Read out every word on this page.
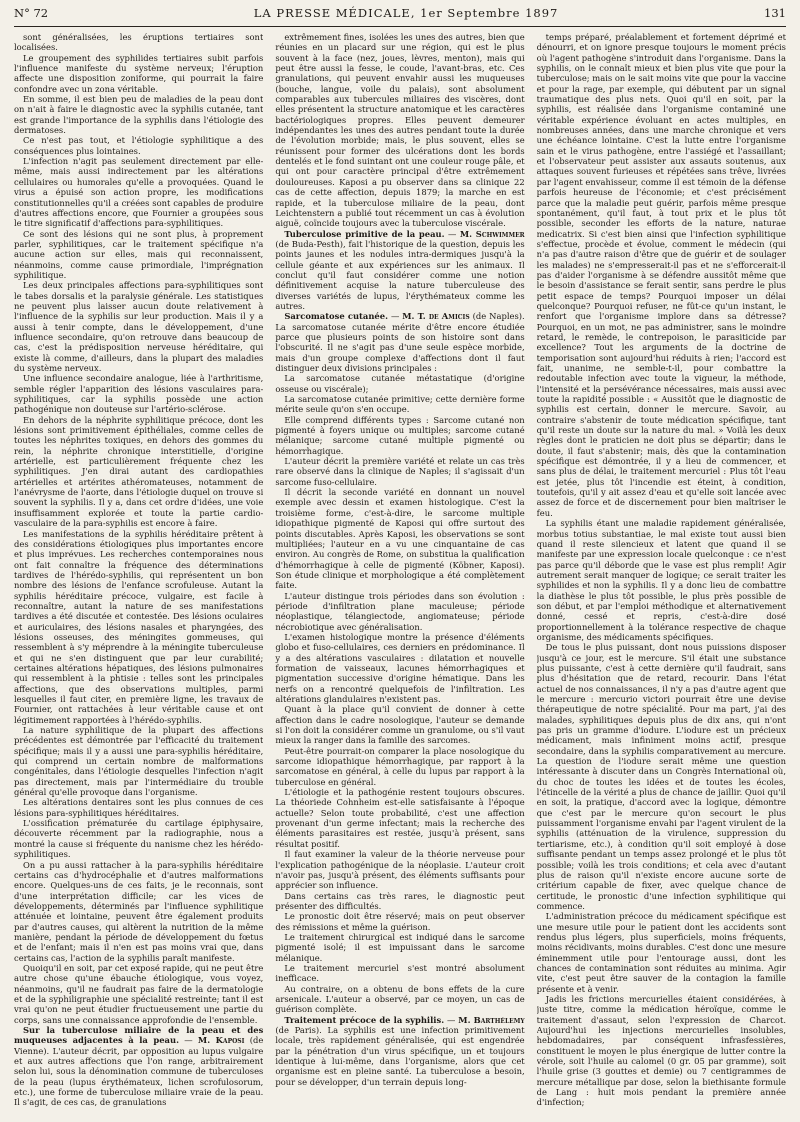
N° 72	LA PRESSE MÉDICALE, 1er Septembre 1897	131

sont généralisées, les éruptions tertiaires sont localisées.

Le groupement des syphilides tertiaires subit parfois l'influence manifeste du système nerveux; l'éruption affecte une disposition zoniforme, qui pourrait la faire confondre avec un zona véritable.

En somme, il est bien peu de maladies de la peau dont on n'ait à faire le diagnostic avec la syphilis cutanée, tant est grande l'importance de la syphilis dans l'étiologie des dermatoses.

Ce n'est pas tout, et l'étiologie syphilitique a des conséquences plus lointaines.

L'infection n'agit pas seulement directement par elle-même, mais aussi indirectement par les altérations cellulaires ou humorales qu'elle a provoquées. Quand le virus a épuisé son action propre, les modifications constitutionnelles qu'il a créées sont capables de produire d'autres affections encore, que Fournier a groupées sous le titre significatif d'affections para-syphilitiques.

Ce sont des lésions qui ne sont plus, à proprement parler, syphilitiques, car le traitement spécifique n'a aucune action sur elles, mais qui reconnaissent, néanmoins, comme cause primordiale, l'imprégnation syphilitique.

Les deux principales affections para-syphilitiques sont le tabes dorsalis et la paralysie générale. Les statistiques ne peuvent plus laisser aucun doute relativement à l'influence de la syphilis sur leur production. Mais il y a aussi à tenir compte, dans le développement, d'une influence secondaire, qu'on retrouve dans beaucoup de cas, c'est la prédisposition nerveuse héréditaire, qui existe là comme, d'ailleurs, dans la plupart des maladies du système nerveux.

Une influence secondaire analogue, liée à l'arthritisme, semble régler l'apparition des lésions vasculaires para-syphilitiques, car la syphilis possède une action pathogénique non douteuse sur l'artério-sclérose.

En dehors de la néphrite syphilitique précoce, dont les lésions sont primitivement épithéliales, comme celles de toutes les néphrites toxiques, en dehors des gommes du rein, la néphrite chronique interstitielle, d'origine artérielle, est particulièrement fréquente chez les syphilitiques. J'en dirai autant des cardiopathies artérielles et artérites athéromateuses, notamment de l'anévrysme de l'aorte, dans l'étiologie duquel on trouve si souvent la syphilis. Il y a, dans cet ordre d'idées, une voie insuffisamment explorée et toute la partie cardio-vasculaire de la para-syphilis est encore à faire.

Les manifestations de la syphilis héréditaire prêtent à des considérations étiologiques plus importantes encore et plus imprévues. Les recherches contemporaines nous ont fait connaître la fréquence des déterminations tardives de l'hérédo-syphilis, qui représentent un bon nombre des lésions de l'enfance scrofuleuse. Autant la syphilis héréditaire précoce, vulgaire, est facile à reconnaître, autant la nature de ses manifestations tardives a été discutée et contestée. Des lésions oculaires et auriculaires, des lésions nasales et pharyngées, des lésions osseuses, des méningites gommeuses, qui ressemblent à s'y méprendre à la méningite tuberculeuse et qui ne s'en distinguent que par leur curabilité; certaines altérations hépatiques, des lésions pulmonaires qui ressemblent à la phtisie : telles sont les principales affections, que des observations multiples, parmi lesquelles il faut citer, en première ligne, les travaux de Fournier, ont rattachées à leur véritable cause et ont légitimement rapportées à l'hérédo-syphilis.

La nature syphilitique de la plupart des affections précédentes est démontrée par l'efficacité du traitement spécifique; mais il y a aussi une para-syphilis héréditaire, qui comprend un certain nombre de malformations congénitales, dans l'étiologie desquelles l'infection n'agit pas directement, mais par l'intermédiaire du trouble général qu'elle provoque dans l'organisme.

Les altérations dentaires sont les plus connues de ces lésions para-syphilitiques héréditaires.

L'ossification prématurée du cartilage épiphysaire, découverte récemment par la radiographie, nous a montré la cause si fréquente du nanisme chez les hérédo-syphilitiques.

On a pu aussi rattacher à la para-syphilis héréditaire certains cas d'hydrocéphalie et d'autres malformations encore. Quelques-uns de ces faits, je le reconnais, sont d'une interprétation difficile; car les vices de développements, déterminés par l'influence syphilitique atténuée et lointaine, peuvent être également produits par d'autres causes, qui altèrent la nutrition de la même manière, pendant la période de développement du fœtus et de l'enfant; mais il n'en est pas moins vrai que, dans certains cas, l'action de la syphilis paraît manifeste.

Quoiqu'il en soit, par cet exposé rapide, qui ne peut être autre chose qu'une ébauche étiologique, vous voyez, néanmoins, qu'il ne faudrait pas faire de la dermatologie et de la syphiligraphie une spécialité restreinte; tant il est vrai qu'on ne peut étudier fructueusement une partie du corps, sans une connaissance approfondie de l'ensemble.

Sur la tuberculose miliaire de la peau et des muqueuses adjacentes à la peau. — M. Kaposi (de Vienne). L'auteur décrit, par opposition au lupus vulgaire et aux autres affections que l'on range, arbitrairement selon lui, sous la dénomination commune de tuberculoses de la peau (lupus érythémateux, lichen scrofulosorum, etc.), une forme de tuberculose miliaire vraie de la peau. Il s'agit, de ces cas, de granulations

extrêmement fines, isolées les unes des autres, bien que réunies en un placard sur une région, qui est le plus souvent à la face (nez, joues, lèvres, menton), mais qui peut être aussi la fesse, le coude, l'avant-bras, etc. Ces granulations, qui peuvent envahir aussi les muqueuses (bouche, langue, voile du palais), sont absolument comparables aux tubercules miliaires des viscères, dont elles présentent la structure anatomique et les caractères bactériologiques propres. Elles peuvent demeurer indépendantes les unes des autres pendant toute la durée de l'évolution morbide; mais, le plus souvent, elles se réunissent pour former des ulcérations dont les bords dentelés et le fond suintant ont une couleur rouge pâle, et qui ont pour caractère principal d'être extrêmement douloureuses. Kaposi a pu observer dans sa clinique 22 cas de cette affection, depuis 1879; la marche en est rapide, et la tuberculose miliaire de la peau, dont Leichtenstern a publié tout récemment un cas à évolution aiguë, coïncide toujours avec la tuberculose viscérale.

Tuberculose primitive de la peau. — M. Schwimmer (de Buda-Pesth), fait l'historique de la question, depuis les points jaunes et les nodules intra-dermiques jusqu'à la cellule géante et aux expériences sur les animaux. Il conclut qu'il faut considérer comme une notion définitivement acquise la nature tuberculeuse des diverses variétés de lupus, l'érythémateux comme les autres.

Sarcomatose cutanée. — M. T. de Amicis (de Naples). La sarcomatose cutanée mérite d'être encore étudiée parce que plusieurs points de son histoire sont dans l'obscurité. Il ne s'agit pas d'une seule espèce morbide, mais d'un groupe complexe d'affections dont il faut distinguer deux divisions principales :

La sarcomatose cutanée métastatique (d'origine osseuse ou viscérale);

La sarcomatose cutanée primitive; cette dernière forme mérite seule qu'on s'en occupe.

Elle comprend différents types : Sarcome cutané non pigmenté à foyers unique ou multiples; sarcome cutané mélanique; sarcome cutané multiple pigmenté ou hémorrhagique.

L'auteur décrit la première variété et relate un cas très rare observé dans la clinique de Naples; il s'agissait d'un sarcome fuso-cellulaire.

Il décrit la seconde variété en donnant un nouvel exemple avec dessin et examen histologique. C'est la troisième forme, c'est-à-dire, le sarcome multiple idiopathique pigmenté de Kaposi qui offre surtout des points discutables. Après Kaposi, les observations se sont multipliées; l'auteur en a vu une cinquantaine de cas environ. Au congrès de Rome, on substitua la qualification d'hémorrhagique à celle de pigmenté (Köbner, Kaposi). Son étude clinique et morphologique a été complètement faite.

L'auteur distingue trois périodes dans son évolution : période d'infiltration plane maculeuse; période néoplastique, télangiectode, angiomateuse; période nécrobiotique avec généralisation.

L'examen histologique montre la présence d'éléments globo et fuso-cellulaires, ces derniers en prédominance. Il y a des altérations vasculaires : dilatation et nouvelle formation de vaisseaux, lacunes hémorrhagiques et pigmentation successive d'origine hématique. Dans les nerfs on a rencontré quelquefois de l'infiltration. Les altérations glandulaires n'existent pas.

Quant à la place qu'il convient de donner à cette affection dans le cadre nosologique, l'auteur se demande si l'on doit la considérer comme un granulome, ou s'il vaut mieux la ranger dans la famille des sarcomes.

Peut-être pourrait-on comparer la place nosologique du sarcome idiopathique hémorrhagique, par rapport à la sarcomatose en général, à celle du lupus par rapport à la tuberculose en général.

L'étiologie et la pathogénie restent toujours obscures. La théoriede Cohnheim est-elle satisfaisante à l'époque actuelle? Selon toute probabilité, c'est une affection provenant d'un germe infectant; mais la recherche des éléments parasitaires est restée, jusqu'à présent, sans résultat positif.

Il faut examiner la valeur de la théorie nerveuse pour l'explication pathogénique de la néoplasie. L'auteur croit n'avoir pas, jusqu'à présent, des éléments suffisants pour apprécier son influence.

Dans certains cas très rares, le diagnostic peut présenter des difficultés.

Le pronostic doit être réservé; mais on peut observer des rémissions et même la guérison.

Le traitement chirurgical est indiqué dans le sarcome pigmenté isolé; il est impuissant dans le sarcome mélanique.

Le traitement mercuriel s'est montré absolument inefficace.

Au contraire, on a obtenu de bons effets de la cure arsenicale. L'auteur a observé, par ce moyen, un cas de guérison complète.

Traitement précoce de la syphilis. — M. Barthélemy (de Paris). La syphilis est une infection primitivement locale, très rapidement généralisée, qui est engendrée par la pénétration d'un virus spécifique, un et toujours identique à lui-même, dans l'organisme, alors que cet organisme est en pleine santé. La tuberculose a besoin, pour se développer, d'un terrain depuis long-

temps préparé, préalablement et fortement déprimé et dénourri, et on ignore presque toujours le moment précis où l'agent pathogène s'introduit dans l'organisme. Dans la syphilis, on le connaît mieux et bien plus vite que pour la tuberculose; mais on le sait moins vite que pour la vaccine et pour la rage, par exemple, qui débutent par un signal traumatique des plus nets. Quoi qu'il en soit, par la syphilis, est réalisée dans l'organisme contaminé une véritable expérience évoluant en actes multiples, en nombreuses années, dans une marche chronique et vers une échéance lointaine. C'est la lutte entre l'organisme sain et le virus pathogène, entre l'assiégé et l'assaillant; et l'observateur peut assister aux assauts soutenus, aux attaques souvent furieuses et répétées sans trêve, livrées par l'agent envahisseur, comme il est témoin de la défense parfois heureuse de l'économie; et c'est précisément parce que la maladie peut guérir, parfois même presque spontanément, qu'il faut, à tout prix et le plus tôt possible, seconder les efforts de la nature, naturae medicatrix. Si c'est bien ainsi que l'infection syphilitique s'effectue, procède et évolue, comment le médecin (qui n'a pas d'autre raison d'être que de guérir et de soulager les malades) ne s'empresserait-il pas et ne s'efforcerait-il pas d'aider l'organisme à se défendre aussitôt même que le besoin d'assistance se ferait sentir, sans perdre le plus petit espace de temps? Pourquoi imposer un délai quelconque? Pourquoi refuser, ne fût-ce qu'un instant, le renfort que l'organisme implore dans sa détresse? Pourquoi, en un mot, ne pas administrer, sans le moindre retard, le remède, le contrepoison, le parasiticide par excellence? Tout les arguments de la doctrine de temporisation sont aujourd'hui réduits à rien; l'accord est fait, unanime, ne semble-t-il, pour combattre la redoutable infection avec toute la vigueur, la méthode, l'intensité et la persévérance nécessaires, mais aussi avec toute la rapidité possible : « Aussitôt que le diagnostic de syphilis est certain, donner le mercure. Savoir, au contraire s'abstenir de toute médication spécifique, tant qu'il reste un doute sur la nature du mal. » Voilà les deux règles dont le praticien ne doit plus se départir; dans le doute, il faut s'abstenir; mais, dès que la contamination spécifique est démontrée, il y a lieu de commencer, et sans plus de délai, le traitement mercuriel : Plus tôt l'eau est jetée, plus tôt l'incendie est éteint, à condition, toutefois, qu'il y ait assez d'eau et qu'elle soit lancée avec assez de force et de discernement pour bien maîtriser le feu.

La syphilis étant une maladie rapidement généralisée, morbus totius substantiae, le mal existe tout aussi bien quand il reste silencieux et latent que quand il se manifeste par une expression locale quelconque : ce n'est pas parce qu'il déborde que le vase est plus rempli! Agir autrement serait manquer de logique; ce serait traiter les syphilides et non la syphilis. Il y a donc lieu de combattre la diathèse le plus tôt possible, le plus près possible de son début, et par l'emploi méthodique et alternativement donné, cessé et repris, c'est-à-dire dosé proportionnellement à la tolérance respective de chaque organisme, des médicaments spécifiques.

De tous le plus puissant, dont nous puissions disposer jusqu'à ce jour, est le mercure. S'il était une substance plus puissante, c'est à cette dernière qu'il faudrait, sans plus d'hésitation que de retard, recourir. Dans l'état actuel de nos connaissances, il n'y a pas d'autre agent que le mercure : mercurio victori pourrait être une devise thérapeutique de notre spécialité. Pour ma part, j'ai des malades, syphilitiques depuis plus de dix ans, qui n'ont pas pris un gramme d'iodure. L'iodure est un précieux médicament, mais infiniment moins actif, presque secondaire, dans la syphilis comparativement au mercure. La question de l'iodure serait même une question intéressante à discuter dans un Congrès International où, du choc de toutes les idées et de toutes les écoles, l'étincelle de la vérité a plus de chance de jaillir. Quoi qu'il en soit, la pratique, d'accord avec la logique, démontre que c'est par le mercure qu'on secourt le plus puissamment l'organisme envahi par l'agent virulent de la syphilis (atténuation de la virulence, suppression du tertiarisme, etc.), à condition qu'il soit employé à dose suffisante pendant un temps assez prolongé et le plus tôt possible; voilà les trois conditions; et cela avec d'autant plus de raison qu'il n'existe encore aucune sorte de critérium capable de fixer, avec quelque chance de certitude, le pronostic d'une infection syphilitique qui commence.

L'administration précoce du médicament spécifique est une mesure utile pour le patient dont les accidents sont rendus plus légers, plus superficiels, moins fréquents, moins récidivants, moins durables. C'est donc une mesure éminemment utile pour l'entourage aussi, dont les chances de contamination sont réduites au minima. Agir vite, c'est peut être sauver de la contagion la famille présente et à venir.

Jadis les frictions mercurielles étaient considérées, à juste titre, comme la médication héroïque, comme le traitement d'assaut, selon l'expression de Charcot. Aujourd'hui les injections mercurielles insolubles, hebdomadaires, par conséquent infrasfessières, constituent le moyen le plus énergique de lutter contre la vérole, soit l'huile au calomel (0 gr. 05 par gramme), soit l'huile grise (3 gouttes et demie) ou 7 centigrammes de mercure métallique par dose, selon la biethisante formule de Lang : huit mois pendant la première année d'infection;
